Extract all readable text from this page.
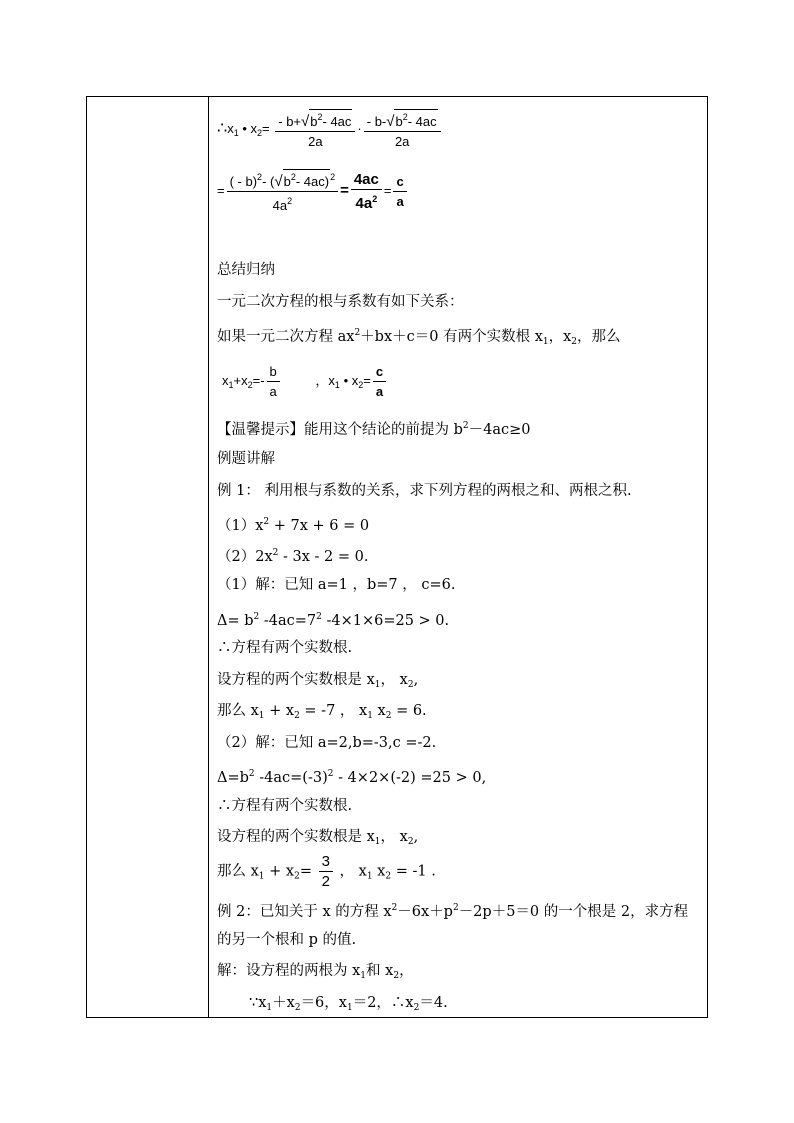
$\therefore x_1$ • $x_2= \frac{- b+√b^2- 4ac}{2a} \cdot \frac{- b-√b^2- 4ac}{2a}$
= $\frac{( - b)^2- (√b^2- 4ac)^2}{4a^2} = \frac{4ac}{4a^2} = \frac{c}{a}$
总结归纳
一元二次方程的根与系数有如下关系：
如果一元二次方程 $ax^2+bx+c=0$ 有两个实数根 $x_1$，$x_2$，那么
$x_1+x_2=- \frac{b}{a}$	，$x_1$ • $x_2= \frac{c}{a}$
【温馨提示】能用这个结论的前提为 $b^2-4ac\ge 0$
例题讲解
例 1： 利用根与系数的关系，求下列方程的两根之和、两根之积.
$(1)x^2 + 7x + 6 = 0$
$(2)2x^2 - 3x - 2 = 0$.
（1）解：已知 a=1 ，b=7 ， c=6.
$\Delta= b^2$ $-4ac=7^2$ -4×1×6=25 > 0.
∴方程有两个实数根.
设方程的两个实数根是 $x_1$， $x_2$,
那么 $x_1 + x_2 = -7$ ， $x_1$ $x_2 = 6$.
（2）解：已知 a=2,b=-3,c =-2.
$\Delta=b^2$ $-4ac=(-3)^2 - 4\times 2\times(-2) =25 > 0$,
∴方程有两个实数根.
设方程的两个实数根是 $x_1$， $x_2$,
那么 $x_1 + x_2= \frac{3}{2}$ ， $x_1$ $x_2 = -1$ .
例 2：已知关于 x 的方程 $x^2-6x+p^2-2p+5=0$ 的一个根是 2，求方程
的另一个根和 p 的值.
解：设方程的两根为 $x_1$和 $x_2$，
$\because x_1+x_2=6$，$x_1=2$，$\therefore x_2=4$.
